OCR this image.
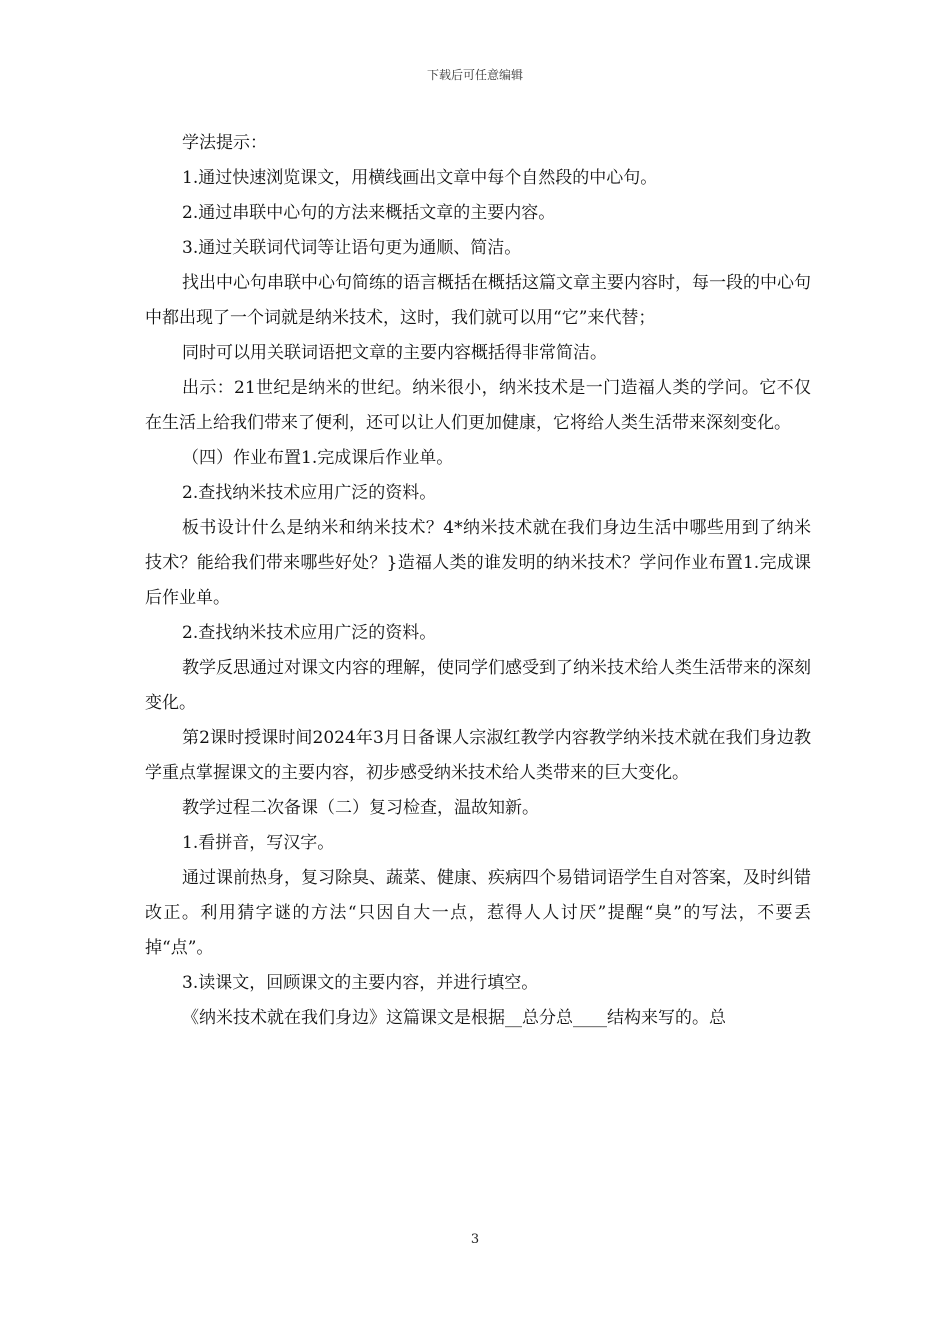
下载后可任意编辑

学法提示：

1.通过快速浏览课文，用横线画出文章中每个自然段的中心句。

2.通过串联中心句的方法来概括文章的主要内容。

3.通过关联词代词等让语句更为通顺、简洁。

找出中心句串联中心句简练的语言概括在概括这篇文章主要内容时，每一段的中心句中都出现了一个词就是纳米技术，这时，我们就可以用“它”来代替；

同时可以用关联词语把文章的主要内容概括得非常简洁。

出示：21世纪是纳米的世纪。纳米很小，纳米技术是一门造福人类的学问。它不仅在生活上给我们带来了便利，还可以让人们更加健康，它将给人类生活带来深刻变化。

（四）作业布置1.完成课后作业单。

2.查找纳米技术应用广泛的资料。

板书设计什么是纳米和纳米技术？4*纳米技术就在我们身边生活中哪些用到了纳米技术？能给我们带来哪些好处？}造福人类的谁发明的纳米技术？学问作业布置1.完成课后作业单。

2.查找纳米技术应用广泛的资料。

教学反思通过对课文内容的理解，使同学们感受到了纳米技术给人类生活带来的深刻变化。

第2课时授课时间2024年3月日备课人宗淑红教学内容教学纳米技术就在我们身边教学重点掌握课文的主要内容，初步感受纳米技术给人类带来的巨大变化。

教学过程二次备课（二）复习检查，温故知新。

1.看拼音，写汉字。

通过课前热身，复习除臭、蔬菜、健康、疾病四个易错词语学生自对答案，及时纠错改正。利用猜字谜的方法“只因自大一点，惹得人人讨厌”提醒“臭”的写法，不要丢掉“点”。

3.读课文，回顾课文的主要内容，并进行填空。

《纳米技术就在我们身边》这篇课文是根据__总分总____结构来写的。总

3
